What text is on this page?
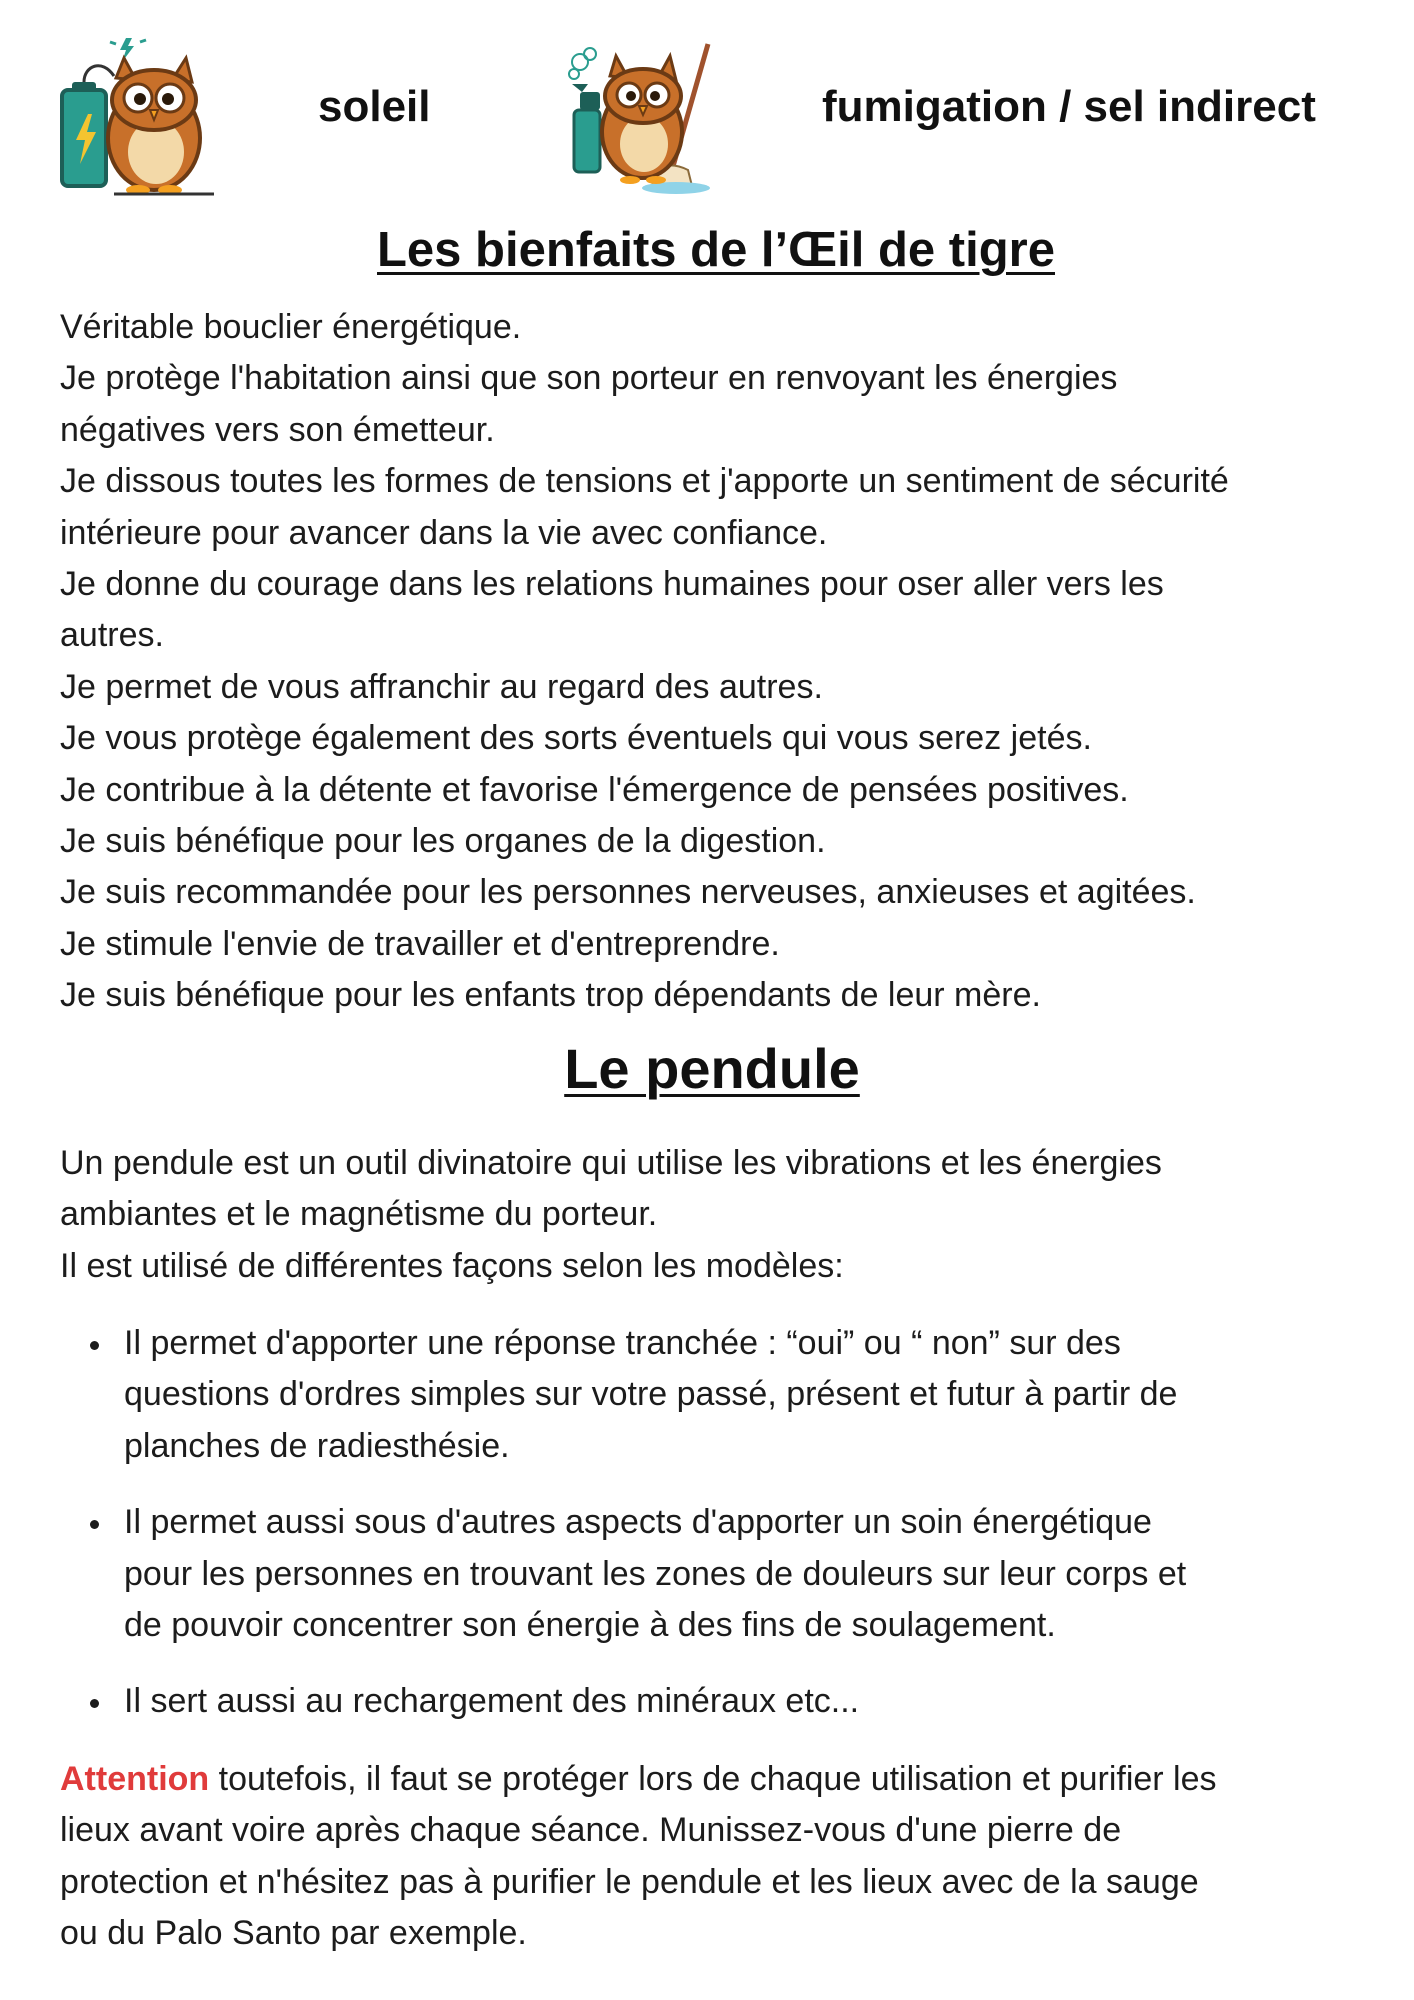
soleil	fumigation / sel indirect
Les bienfaits de l’Œil de tigre
Véritable bouclier énergétique.
Je protège l'habitation ainsi que son porteur en renvoyant les énergies
négatives vers son émetteur.
Je dissous toutes les formes de tensions et j'apporte un sentiment de sécurité
intérieure pour avancer dans la vie avec confiance.
Je donne du courage dans les relations humaines pour oser aller vers les
autres.
Je permet de vous affranchir au regard des autres.
Je vous protège également des sorts éventuels qui vous serez jetés.
Je contribue à la détente et favorise l'émergence de pensées positives.
Je suis bénéfique pour les organes de la digestion.
Je suis recommandée pour les personnes nerveuses, anxieuses et agitées.
Je stimule l'envie de travailler et d'entreprendre.
Je suis bénéfique pour les enfants trop dépendants de leur mère.
Le pendule
Un pendule est un outil divinatoire qui utilise les vibrations et les énergies
ambiantes et le magnétisme du porteur.
Il est utilisé de différentes façons selon les modèles:
Il permet d'apporter une réponse tranchée : “oui” ou “ non” sur des
questions d'ordres simples sur votre passé, présent et futur à partir de
planches de radiesthésie.
Il permet aussi sous d'autres aspects d'apporter un soin énergétique
pour les personnes en trouvant les zones de douleurs sur leur corps et
de pouvoir concentrer son énergie à des fins de soulagement.
Il sert aussi au rechargement des minéraux etc...
Attention toutefois, il faut se protéger lors de chaque utilisation et purifier les
lieux avant voire après chaque séance. Munissez-vous d'une pierre de
protection et n'hésitez pas à purifier le pendule et les lieux avec de la sauge
ou du Palo Santo par exemple.
